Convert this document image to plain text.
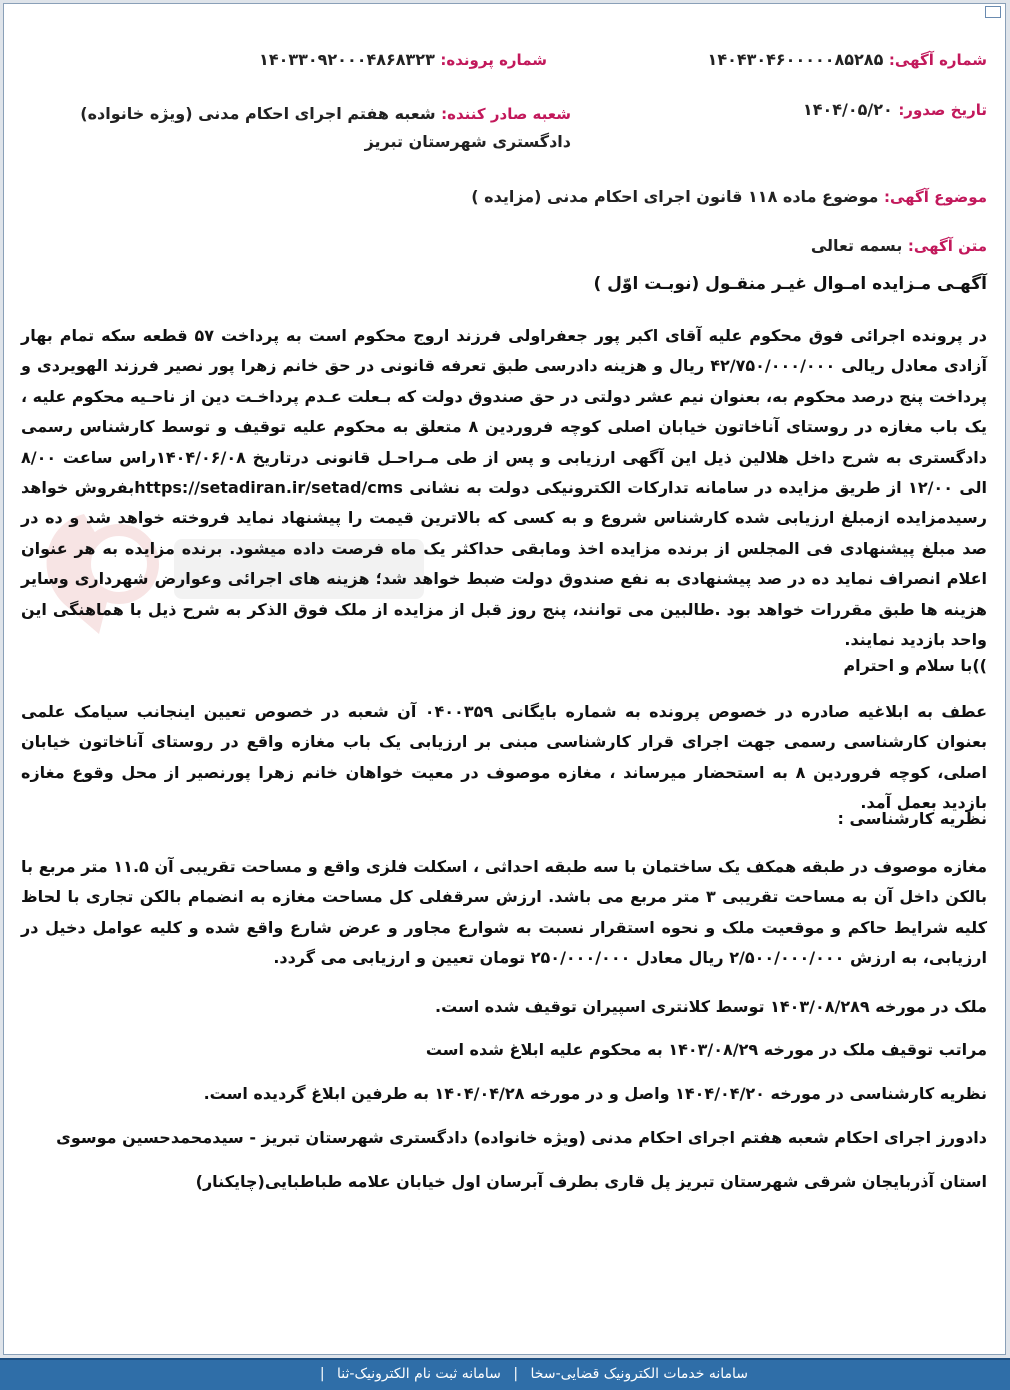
شماره آگهی: ۱۴۰۴۳۰۴۶۰۰۰۰۰۸۵۲۸۵
شماره پرونده: ۱۴۰۳۳۰۹۲۰۰۰۴۸۶۸۳۲۳
تاریخ صدور: ۱۴۰۴/۰۵/۲۰
شعبه صادر کننده: شعبه هفتم اجرای احکام مدنی (ویژه خانواده) دادگستری شهرستان تبریز
موضوع آگهی: موضوع ماده ۱۱۸ قانون اجرای احکام مدنی (مزایده )
متن آگهی: بسمه تعالی
آگهـی مـزایده امـوال غیـر منقـول (نوبـت اوّل )
در پرونده اجرائی فوق محکوم علیه آقای اکبر پور جعفراولی فرزند اروج محکوم است به پرداخت ۵۷ قطعه سکه تمام بهار آزادی معادل ریالی ۴۲/۷۵۰/۰۰۰/۰۰۰ ریال و هزینه دادرسی طبق تعرفه قانونی در حق خانم زهرا پور نصیر فرزند الهویردی و پرداخت پنج درصد محکوم به، بعنوان نیم عشر دولتی در حق صندوق دولت که بـعلت عـدم پرداخـت دین از ناحـیه محکوم علیه ، یک باب مغازه در روستای آناخاتون خیابان اصلی کوچه فروردین ۸ متعلق به محکوم علیه توقیف و توسط کارشناس رسمی دادگستری به شرح داخل هلالین ذیل این آگهی ارزیابی و پس از طی مـراحـل قانونی درتاریخ ۱۴۰۴/۰۶/۰۸راس ساعت ۸/۰۰ الی ۱۲/۰۰ از طریق مزایده در سامانه تدارکات الکترونیکی دولت به نشانی https://setadiran.ir/setad/cmsبفروش خواهد رسیدمزایده ازمبلغ ارزیابی شده کارشناس شروع و به کسی که بالاترین قیمت را پیشنهاد نماید فروخته خواهد شد و ده در صد مبلغ پیشنهادی فی المجلس از برنده مزایده اخذ ومابقی حداکثر یک ماه فرصت داده میشود. برنده مزایده به هر عنوان اعلام انصراف نماید ده در صد پیشنهادی به نفع صندوق دولت ضبط خواهد شد؛ هزینه های اجرائی وعوارض شهرداری وسایر هزینه ها طبق مقررات خواهد بود .طالبین می توانند، پنج روز قبل از مزایده از ملک فوق الذکر به شرح ذیل با هماهنگی این واحد بازدید نمایند.
))با سلام و احترام
عطف به ابلاغیه صادره در خصوص پرونده به شماره بایگانی ۰۴۰۰۳۵۹ آن شعبه در خصوص تعیین اینجانب سیامک علمی بعنوان کارشناسی رسمی جهت اجرای قرار کارشناسی مبنی بر ارزیابی یک باب مغازه واقع در روستای آناخاتون خیابان اصلی، کوچه فروردین ۸ به استحضار میرساند ، مغازه موصوف در معیت خواهان خانم زهرا پورنصیر از محل وقوع مغازه بازدید بعمل آمد.
نظریه کارشناسی :
مغازه موصوف در طبقه همکف یک ساختمان با سه طبقه احداثی ، اسکلت فلزی واقع و مساحت تقریبی آن ۱۱.۵ متر مربع با بالکن داخل آن به مساحت تقریبی ۳ متر مربع می باشد. ارزش سرقفلی کل مساحت مغازه به انضمام بالکن تجاری با لحاظ کلیه شرایط حاکم و موقعیت ملک و نحوه استقرار نسبت به شوارع مجاور و عرض شارع واقع شده و کلیه عوامل دخیل در ارزیابی، به ارزش ۲/۵۰۰/۰۰۰/۰۰۰ ریال معادل ۲۵۰/۰۰۰/۰۰۰ تومان تعیین و ارزیابی می گردد.
ملک در مورخه ۱۴۰۳/۰۸/۲۸۹ توسط کلانتری اسپیران توقیف شده است.
مراتب توقیف ملک در مورخه ۱۴۰۳/۰۸/۲۹ به محکوم علیه ابلاغ شده است
نظریه کارشناسی در مورخه ۱۴۰۴/۰۴/۲۰ واصل و در مورخه ۱۴۰۴/۰۴/۲۸ به طرفین ابلاغ گردیده است.
دادورز اجرای احکام شعبه هفتم اجرای احکام مدنی (ویژه خانواده) دادگستری شهرستان تبریز - سیدمحمدحسین موسوی
استان آذربایجان شرقی شهرستان تبریز پل قاری بطرف آبرسان اول خیابان علامه طباطبایی(چایکنار)
سامانه خدمات الکترونیک قضایی-سخا | سامانه ثبت نام الکترونیک-ثنا |
